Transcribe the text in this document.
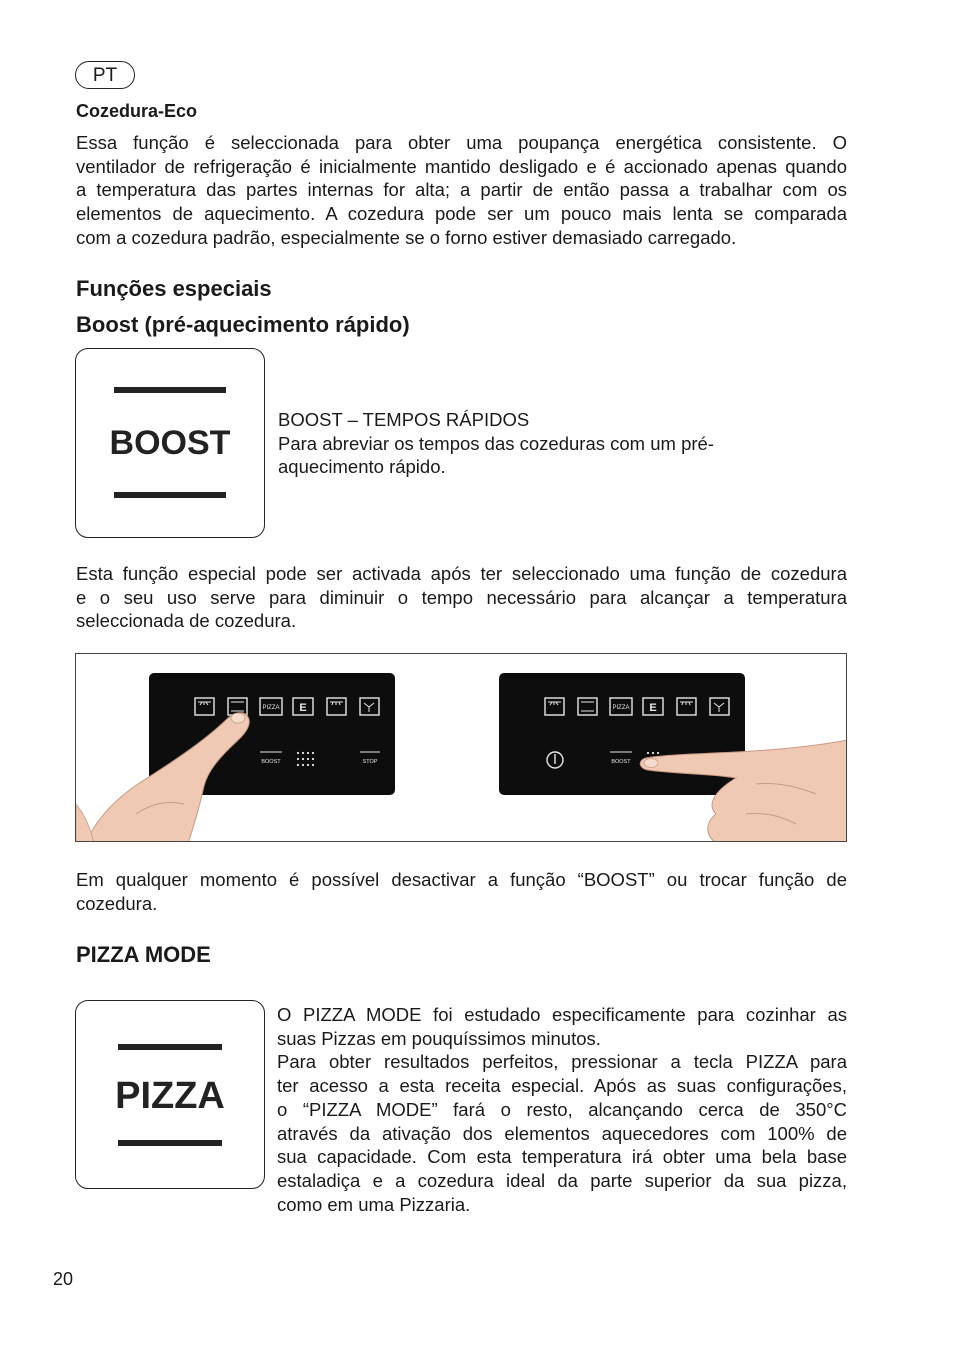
PT
Cozedura-Eco

Essa função é seleccionada para obter uma poupança energética consistente. O

ventilador de refrigeração é inicialmente mantido desligado e é accionado apenas quando

a temperatura das partes internas for alta; a partir de então passa a trabalhar com os

elementos de aquecimento. A cozedura pode ser um pouco mais lenta se comparada

com a cozedura padrão, especialmente se o forno estiver demasiado carregado.

Funções especiais
Boost (pré-aquecimento rápido)
BOOST
BOOST – TEMPOS RÁPIDOS
Para abreviar os tempos das cozeduras com um pré-
aquecimento rápido.

Esta função especial pode ser activada após ter seleccionado uma função de cozedura

e o seu uso serve para diminuir o tempo necessário para alcançar a temperatura

seleccionada de cozedura.

PIZZA E
BOOST	STOP
PIZZA E
BOOST

Em qualquer momento é possível desactivar a função “BOOST” ou trocar função de

cozedura.

PIZZA MODE
PIZZA

O PIZZA MODE foi estudado especificamente para cozinhar as

suas Pizzas em pouquíssimos minutos.

Para obter resultados perfeitos, pressionar a tecla PIZZA para

ter acesso a esta receita especial. Após as suas configurações,

o “PIZZA MODE” fará o resto, alcançando cerca de 350°C

através da ativação dos elementos aquecedores com 100% de

sua capacidade. Com esta temperatura irá obter uma bela base

estaladiça e a cozedura ideal da parte superior da sua pizza,

como em uma Pizzaria.

20
